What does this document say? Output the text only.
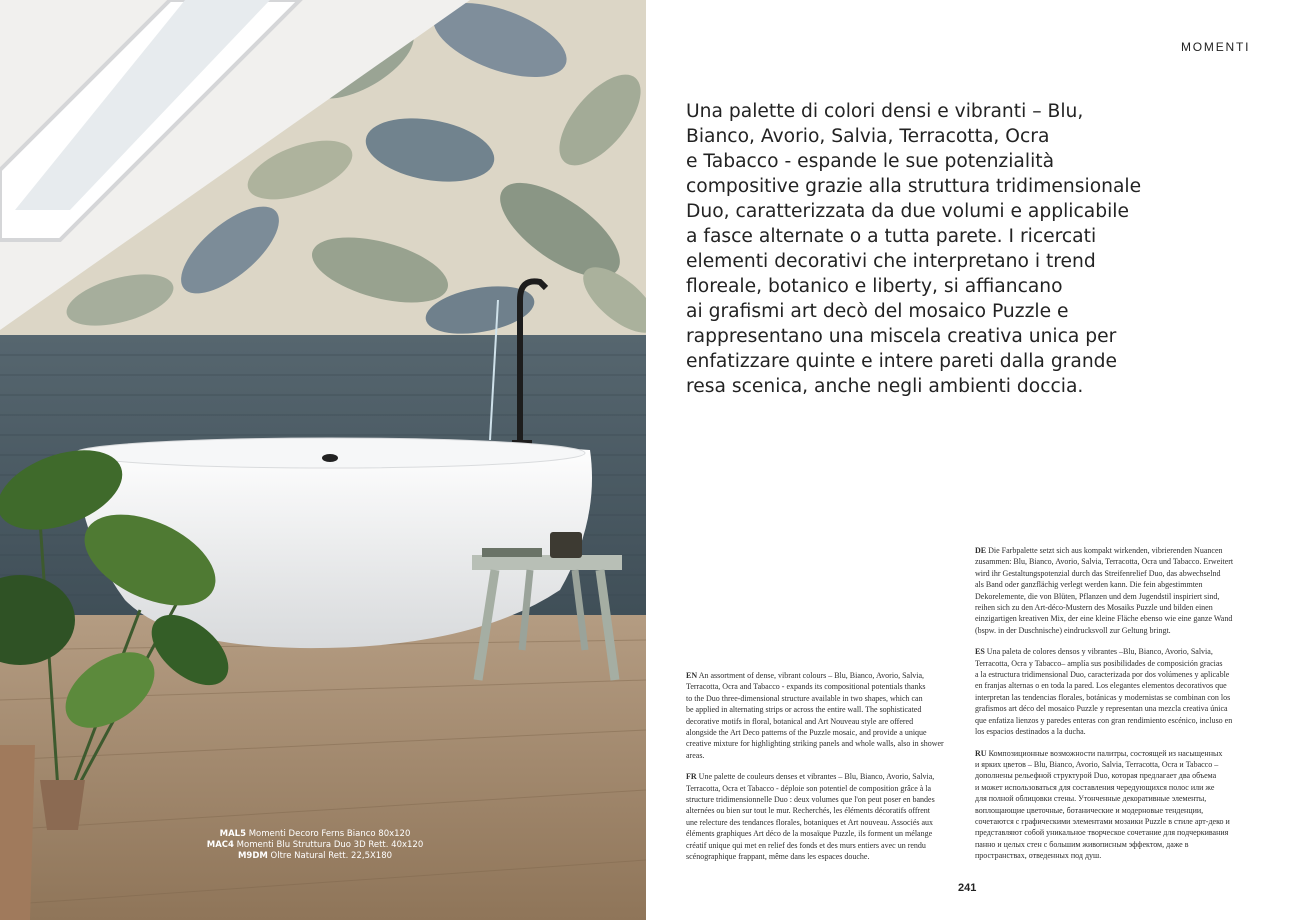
MAL5 Momenti Decoro Ferns Bianco 80x120
MAC4 Momenti Blu Struttura Duo 3D Rett. 40x120
M9DM Oltre Natural Rett. 22,5X180
MOMENTI

Una palette di colori densi e vibranti – Blu,
Bianco, Avorio, Salvia, Terracotta, Ocra
e Tabacco - espande le sue potenzialità
compositive grazie alla struttura tridimensionale
Duo, caratterizzata da due volumi e applicabile
a fasce alternate o a tutta parete. I ricercati
elementi decorativi che interpretano i trend
floreale, botanico e liberty, si affiancano
ai grafismi art decò del mosaico Puzzle e
rappresentano una miscela creativa unica per
enfatizzare quinte e intere pareti dalla grande
resa scenica, anche negli ambienti doccia.

EN An assortment of dense, vibrant colours – Blu, Bianco, Avorio, Salvia,
Terracotta, Ocra and Tabacco - expands its compositional potentials thanks
to the Duo three-dimensional structure available in two shapes, which can
be applied in alternating strips or across the entire wall. The sophisticated
decorative motifs in floral, botanical and Art Nouveau style are offered
alongside the Art Deco patterns of the Puzzle mosaic, and provide a unique
creative mixture for highlighting striking panels and whole walls, also in shower
areas.

FR Une palette de couleurs denses et vibrantes – Blu, Bianco, Avorio, Salvia,
Terracotta, Ocra et Tabacco - déploie son potentiel de composition grâce à la
structure tridimensionnelle Duo : deux volumes que l'on peut poser en bandes
alternées ou bien sur tout le mur. Recherchés, les éléments décoratifs offrent
une relecture des tendances florales, botaniques et Art nouveau. Associés aux
éléments graphiques Art déco de la mosaïque Puzzle, ils forment un mélange
créatif unique qui met en relief des fonds et des murs entiers avec un rendu
scénographique frappant, même dans les espaces douche.

DE Die Farbpalette setzt sich aus kompakt wirkenden, vibrierenden Nuancen
zusammen: Blu, Bianco, Avorio, Salvia, Terracotta, Ocra und Tabacco. Erweitert
wird ihr Gestaltungspotenzial durch das Streifenrelief Duo, das abwechselnd
als Band oder ganzflächig verlegt werden kann. Die fein abgestimmten
Dekorelemente, die von Blüten, Pflanzen und dem Jugendstil inspiriert sind,
reihen sich zu den Art-déco-Mustern des Mosaiks Puzzle und bilden einen
einzigartigen kreativen Mix, der eine kleine Fläche ebenso wie eine ganze Wand
(bspw. in der Duschnische) eindrucksvoll zur Geltung bringt.

ES Una paleta de colores densos y vibrantes –Blu, Bianco, Avorio, Salvia,
Terracotta, Ocra y Tabacco– amplía sus posibilidades de composición gracias
a la estructura tridimensional Duo, caracterizada por dos volúmenes y aplicable
en franjas alternas o en toda la pared. Los elegantes elementos decorativos que
interpretan las tendencias florales, botánicas y modernistas se combinan con los
grafismos art déco del mosaico Puzzle y representan una mezcla creativa única
que enfatiza lienzos y paredes enteras con gran rendimiento escénico, incluso en
los espacios destinados a la ducha.

RU Композиционные возможности палитры, состоящей из насыщенных
и ярких цветов – Blu, Bianco, Avorio, Salvia, Terracotta, Ocra и Tabacco –
дополнены рельефной структурой Duo, которая предлагает два объема
и может использоваться для составления чередующихся полос или же
для полной облицовки стены. Утонченные декоративные элементы,
воплощающие цветочные, ботанические и модерновые тенденции,
сочетаются с графическими элементами мозаики Puzzle в стиле арт-деко и
представляют собой уникальное творческое сочетание для подчеркивания
панно и целых стен с большим живописным эффектом, даже в
пространствах, отведенных под душ.

241
